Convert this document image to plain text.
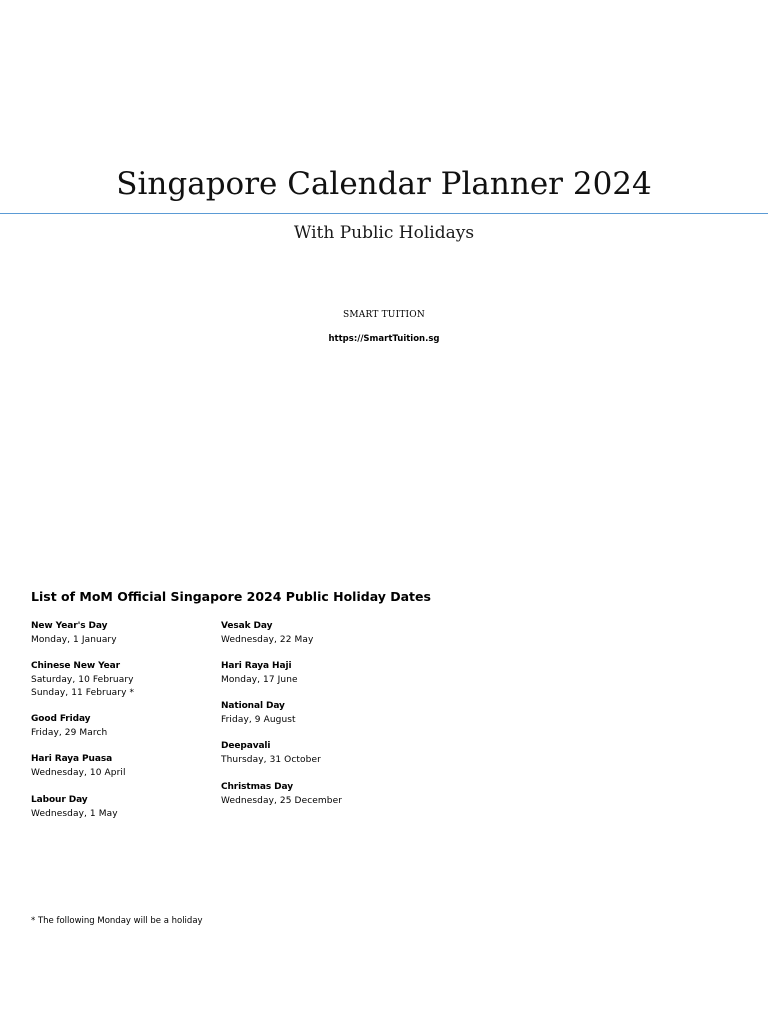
Singapore Calendar Planner 2024
With Public Holidays
SMART TUITION
https://SmartTuition.sg
List of MoM Official Singapore 2024 Public Holiday Dates
New Year's Day
Monday, 1 January
Chinese New Year
Saturday, 10 February
Sunday, 11 February *
Good Friday
Friday, 29 March
Hari Raya Puasa
Wednesday, 10 April
Labour Day
Wednesday, 1 May
Vesak Day
Wednesday, 22 May
Hari Raya Haji
Monday, 17 June
National Day
Friday, 9 August
Deepavali
Thursday, 31 October
Christmas Day
Wednesday, 25 December
* The following Monday will be a holiday
